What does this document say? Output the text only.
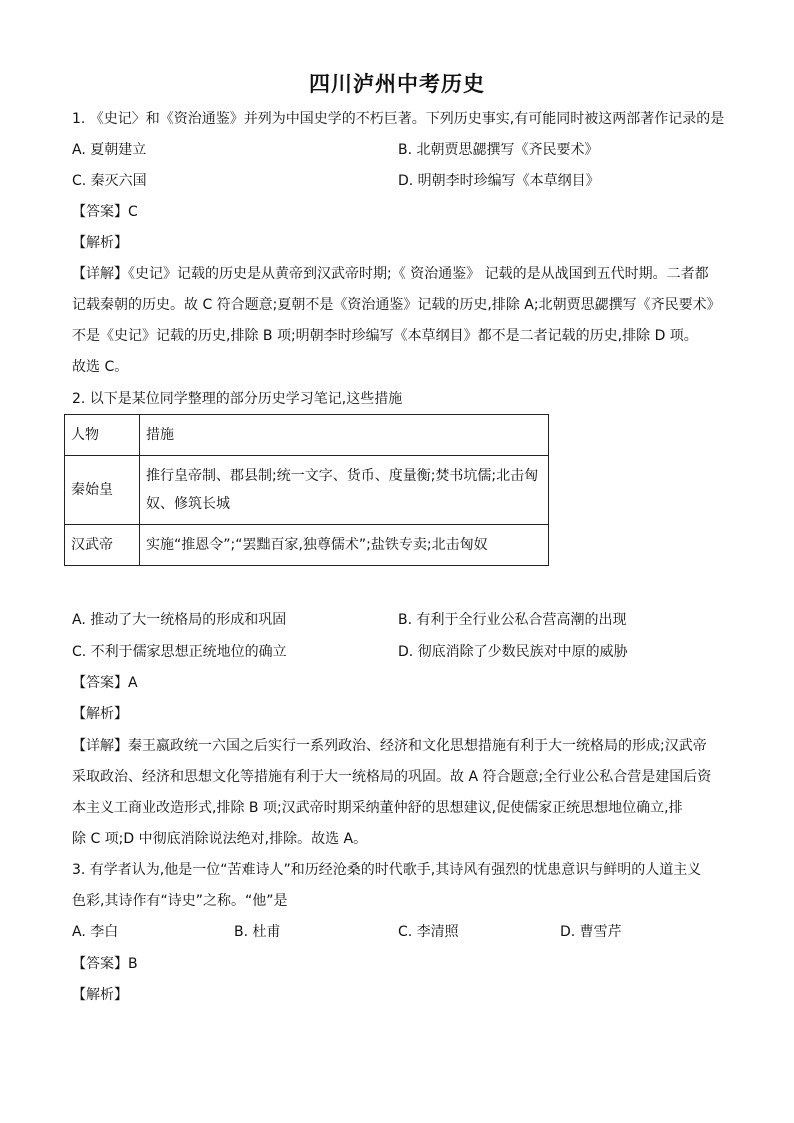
四川泸州中考历史
1. 《史记〉和《资治通鉴》并列为中国史学的不朽巨著。下列历史事实,有可能同时被这两部著作记录的是
A. 夏朝建立	B. 北朝贾思勰撰写《齐民要术》
C. 秦灭六国	D. 明朝李时珍编写《本草纲目》
【答案】C
【解析】
【详解】《史记》记载的历史是从黄帝到汉武帝时期;《 资治通鉴》 记载的是从战国到五代时期。二者都
记载秦朝的历史。故 C 符合题意;夏朝不是《资治通鉴》记载的历史,排除 A;北朝贾思勰撰写《齐民要术》
不是《史记》记载的历史,排除 B 项;明朝李时珍编写《本草纲目》都不是二者记载的历史,排除 D 项。
故选 C。
2. 以下是某位同学整理的部分历史学习笔记,这些措施
人物	措施
秦始皇	推行皇帝制、郡县制;统一文字、货币、度量衡;焚书坑儒;北击匈奴、修筑长城
汉武帝	实施“推恩令”;“罢黜百家,独尊儒术”;盐铁专卖;北击匈奴
A. 推动了大一统格局的形成和巩固	B. 有利于全行业公私合营高潮的出现
C. 不利于儒家思想正统地位的确立	D. 彻底消除了少数民族对中原的威胁
【答案】A
【解析】
【详解】秦王嬴政统一六国之后实行一系列政治、经济和文化思想措施有利于大一统格局的形成;汉武帝
采取政治、经济和思想文化等措施有利于大一统格局的巩固。故 A 符合题意;全行业公私合营是建国后资
本主义工商业改造形式,排除 B 项;汉武帝时期采纳董仲舒的思想建议,促使儒家正统思想地位确立,排
除 C 项;D 中彻底消除说法绝对,排除。故选 A。
3. 有学者认为,他是一位“苦难诗人”和历经沧桑的时代歌手,其诗风有强烈的忧患意识与鲜明的人道主义
色彩,其诗作有“诗史”之称。“他”是
A. 李白	B. 杜甫	C. 李清照	D. 曹雪芹
【答案】B
【解析】
